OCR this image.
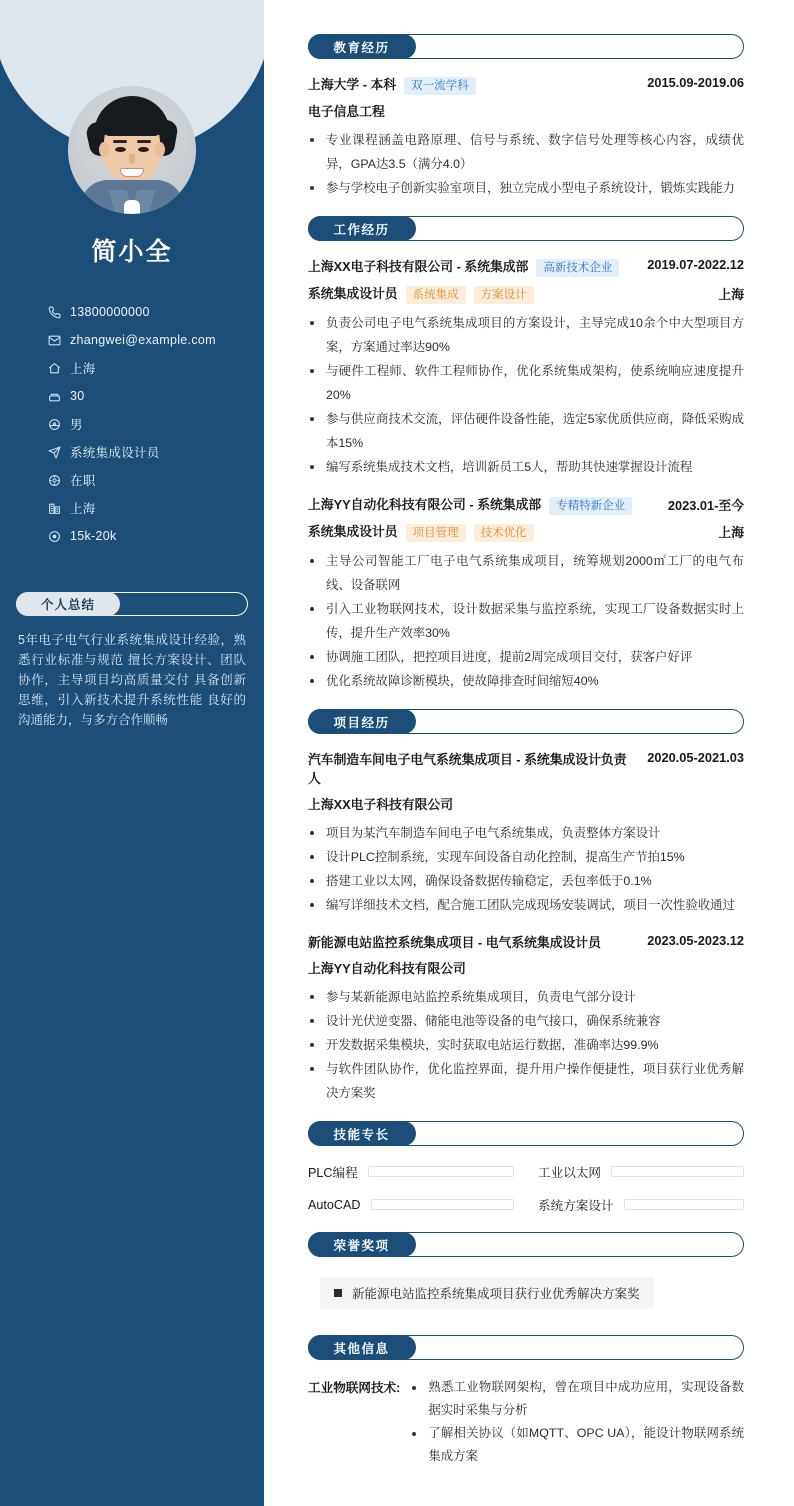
简小全
13800000000
zhangwei@example.com
上海
30
男
系统集成设计员
在职
上海
15k-20k
个人总结

5年电子电气行业系统集成设计经验，熟悉行业标准与规范 擅长方案设计、团队协作，主导项目均高质量交付 具备创新思维，引入新技术提升系统性能 良好的沟通能力，与多方合作顺畅

教育经历
上海大学 - 本科	双一流学科	2015.09-2019.06
电子信息工程
专业课程涵盖电路原理、信号与系统、数字信号处理等核心内容，成绩优异，GPA达3.5（满分4.0）
参与学校电子创新实验室项目，独立完成小型电子系统设计，锻炼实践能力
工作经历
上海XX电子科技有限公司 - 系统集成部	高新技术企业	2019.07-2022.12
系统集成设计员	系统集成	方案设计	上海
负责公司电子电气系统集成项目的方案设计，主导完成10余个中大型项目方案，方案通过率达90%
与硬件工程师、软件工程师协作，优化系统集成架构，使系统响应速度提升20%
参与供应商技术交流，评估硬件设备性能，选定5家优质供应商，降低采购成本15%
编写系统集成技术文档，培训新员工5人，帮助其快速掌握设计流程
上海YY自动化科技有限公司 - 系统集成部	专精特新企业	2023.01-至今
系统集成设计员	项目管理	技术优化	上海
主导公司智能工厂电子电气系统集成项目，统筹规划2000㎡工厂的电气布线、设备联网
引入工业物联网技术，设计数据采集与监控系统，实现工厂设备数据实时上传，提升生产效率30%
协调施工团队，把控项目进度，提前2周完成项目交付，获客户好评
优化系统故障诊断模块，使故障排查时间缩短40%
项目经历
汽车制造车间电子电气系统集成项目 - 系统集成设计负责人
2020.05-2021.03
上海XX电子科技有限公司
项目为某汽车制造车间电子电气系统集成，负责整体方案设计
设计PLC控制系统，实现车间设备自动化控制，提高生产节拍15%
搭建工业以太网，确保设备数据传输稳定，丢包率低于0.1%
编写详细技术文档，配合施工团队完成现场安装调试，项目一次性验收通过
新能源电站监控系统集成项目 - 电气系统集成设计员	2023.05-2023.12
上海YY自动化科技有限公司
参与某新能源电站监控系统集成项目，负责电气部分设计
设计光伏逆变器、储能电池等设备的电气接口，确保系统兼容
开发数据采集模块，实时获取电站运行数据，准确率达99.9%
与软件团队协作，优化监控界面，提升用户操作便捷性，项目获行业优秀解决方案奖
技能专长
PLC编程	工业以太网
AutoCAD	系统方案设计
荣誉奖项
新能源电站监控系统集成项目获行业优秀解决方案奖
其他信息
工业物联网技术:	熟悉工业物联网架构，曾在项目中成功应用，实现设备数据实时采集与分析
了解相关协议（如MQTT、OPC UA），能设计物联网系统集成方案
